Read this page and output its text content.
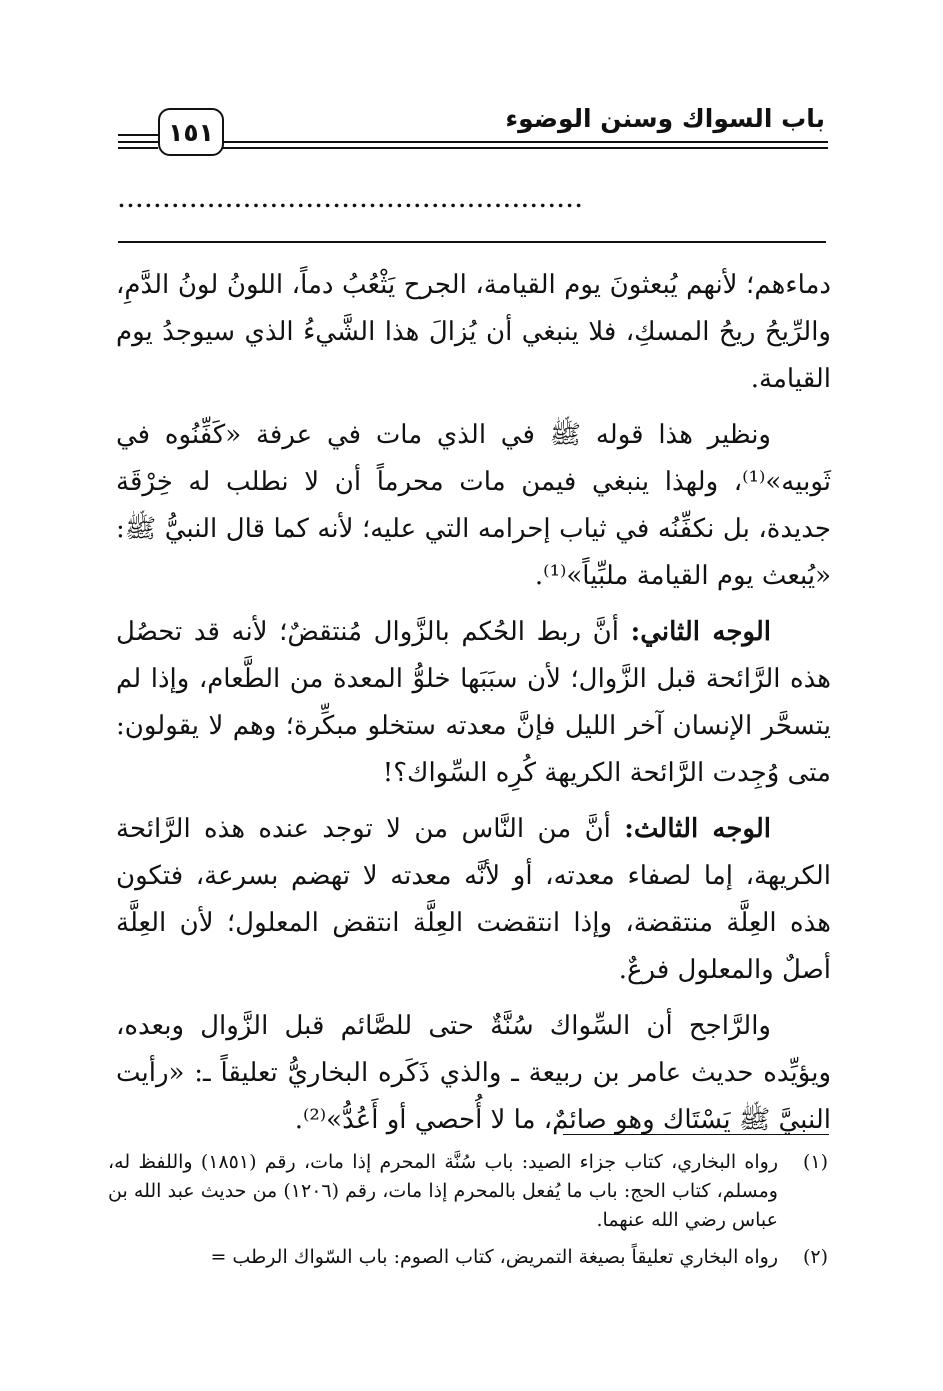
باب السواك وسنن الوضوء
١٥١
....................................................

دماءهم؛ لأنهم يُبعثونَ يوم القيامة، الجرح يَثْعُبُ دماً، اللونُ لونُ الدَّمِ، والرِّيحُ ريحُ المسكِ، فلا ينبغي أن يُزالَ هذا الشَّيءُ الذي سيوجدُ يوم القيامة.

ونظير هذا قوله ﷺ في الذي مات في عرفة «كَفِّنُوه في ثَوبيه»⁽¹⁾، ولهذا ينبغي فيمن مات محرماً أن لا نطلب له خِرْقَة جديدة، بل نكفِّنُه في ثياب إحرامه التي عليه؛ لأنه كما قال النبيُّ ﷺ: «يُبعث يوم القيامة ملبِّياً»⁽¹⁾.

الوجه الثاني: أنَّ ربط الحُكم بالزَّوال مُنتقضٌ؛ لأنه قد تحصُل هذه الرَّائحة قبل الزَّوال؛ لأن سبَبَها خلوُّ المعدة من الطَّعام، وإذا لم يتسحَّر الإنسان آخر الليل فإنَّ معدته ستخلو مبكِّرة؛ وهم لا يقولون: متى وُجِدت الرَّائحة الكريهة كُرِه السِّواك؟!

الوجه الثالث: أنَّ من النَّاس من لا توجد عنده هذه الرَّائحة الكريهة، إما لصفاء معدته، أو لأنَّه معدته لا تهضم بسرعة، فتكون هذه العِلَّة منتقضة، وإذا انتقضت العِلَّة انتقض المعلول؛ لأن العِلَّة أصلٌ والمعلول فرعٌ.

والرَّاجح أن السِّواك سُنَّةٌ حتى للصَّائم قبل الزَّوال وبعده، ويؤيِّده حديث عامر بن ربيعة ـ والذي ذَكَره البخاريُّ تعليقاً ـ: «رأيت النبيَّ ﷺ يَسْتَاك وهو صائمٌ، ما لا أُحصي أو أَعُدُّ»⁽²⁾.

(١)
رواه البخاري، كتاب جزاء الصيد: باب سُنَّة المحرم إذا مات، رقم (١٨٥١) واللفظ له، ومسلم، كتاب الحج: باب ما يُفعل بالمحرم إذا مات، رقم (١٢٠٦) من حديث عبد الله بن عباس رضي الله عنهما.
(٢)
رواه البخاري تعليقاً بصيغة التمريض، كتاب الصوم: باب السّواك الرطب =
